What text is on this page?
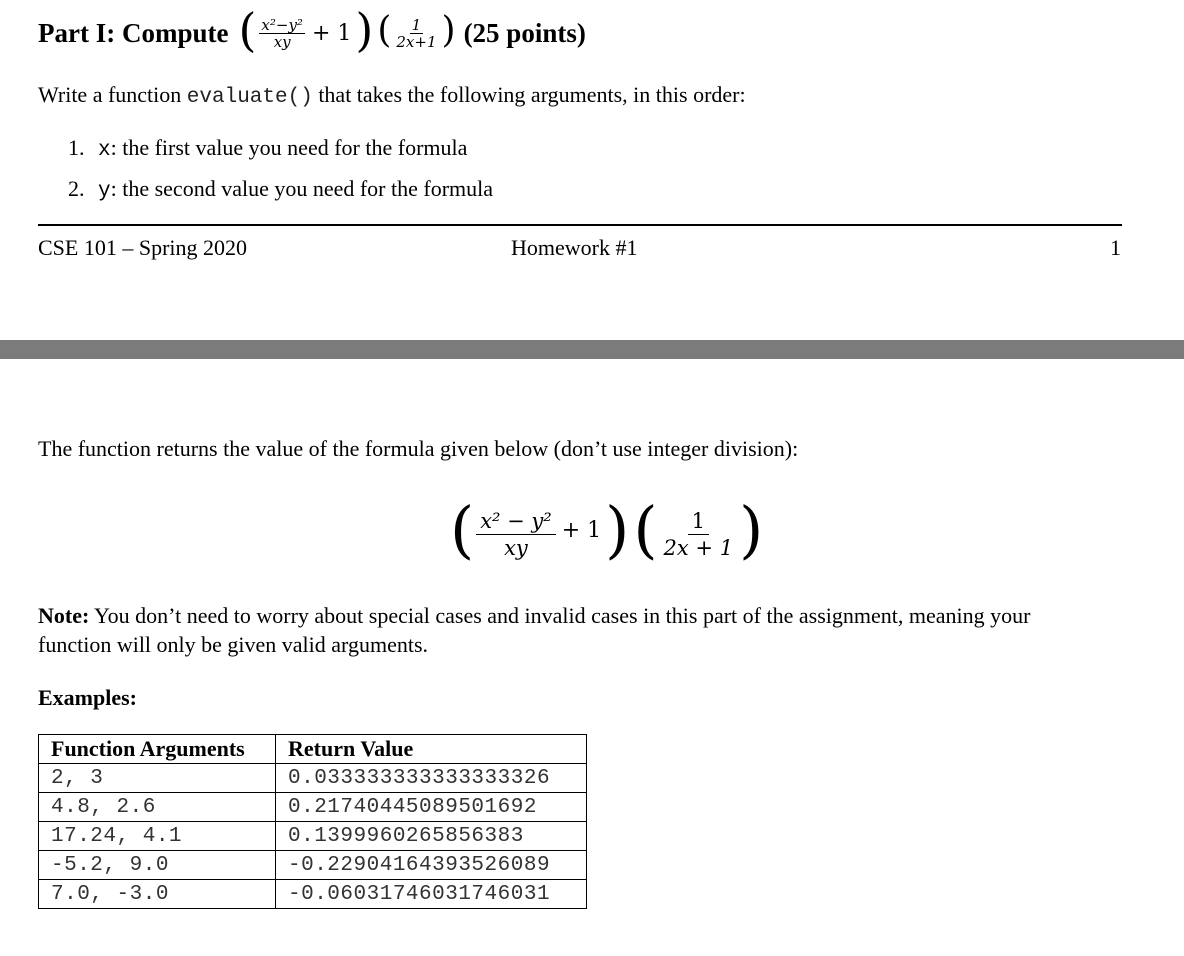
Part I: Compute ( $\frac{\text{x²−y²}}{xy} + 1$ ) ( $\frac{1}{2x+1}$ ) (25 points)
Write a function evaluate() that takes the following arguments, in this order:
1. x: the first value you need for the formula
2. y: the second value you need for the formula
CSE 101 – Spring 2020	Homework #1	1
The function returns the value of the formula given below (don’t use integer division):
( $\frac{\text{x² − y²}}{xy} + 1$ ) ( $\frac{1}{2x + 1}$ )
Note: You don’t need to worry about special cases and invalid cases in this part of the assignment, meaning your
function will only be given valid arguments.
Examples:
Function Arguments	Return Value
2, 3	0.033333333333333326
4.8, 2.6	0.21740445089501692
17.24, 4.1	0.1399960265856383
-5.2, 9.0	-0.22904164393526089
7.0, -3.0	-0.06031746031746031
